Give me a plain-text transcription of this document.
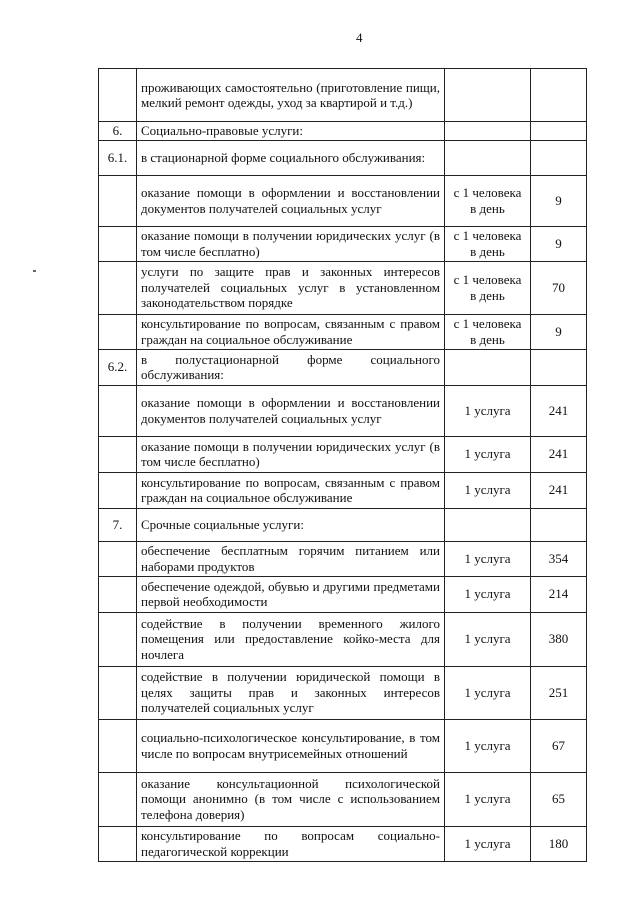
4
	проживающих самостоятельно (приготовление пищи, мелкий ремонт одежды, уход за квартирой и т.д.)		
6.	Социально-правовые услуги:		
6.1.	в стационарной форме социального обслуживания:		
	оказание помощи в оформлении и восстановлении документов получателей социальных услуг	с 1 человека в день	9
	оказание помощи в получении юридических услуг (в том числе бесплатно)	с 1 человека в день	9
	услуги по защите прав и законных интересов получателей социальных услуг в установленном законодательством порядке	с 1 человека в день	70
	консультирование по вопросам, связанным с правом граждан на социальное обслуживание	с 1 человека в день	9
6.2.	в полустационарной форме социального обслуживания:		
	оказание помощи в оформлении и восстановлении документов получателей социальных услуг	1 услуга	241
	оказание помощи в получении юридических услуг (в том числе бесплатно)	1 услуга	241
	консультирование по вопросам, связанным с правом граждан на социальное обслуживание	1 услуга	241
7.	Срочные социальные услуги:		
	обеспечение бесплатным горячим питанием или наборами продуктов	1 услуга	354
	обеспечение одеждой, обувью и другими предметами первой необходимости	1 услуга	214
	содействие в получении временного жилого помещения или предоставление койко-места для ночлега	1 услуга	380
	содействие в получении юридической помощи в целях защиты прав и законных интересов получателей социальных услуг	1 услуга	251
	социально-психологическое консультирование, в том числе по вопросам внутрисемейных отношений	1 услуга	67
	оказание консультационной психологической помощи анонимно (в том числе с использованием телефона доверия)	1 услуга	65
	консультирование по вопросам социально-педагогической коррекции	1 услуга	180
